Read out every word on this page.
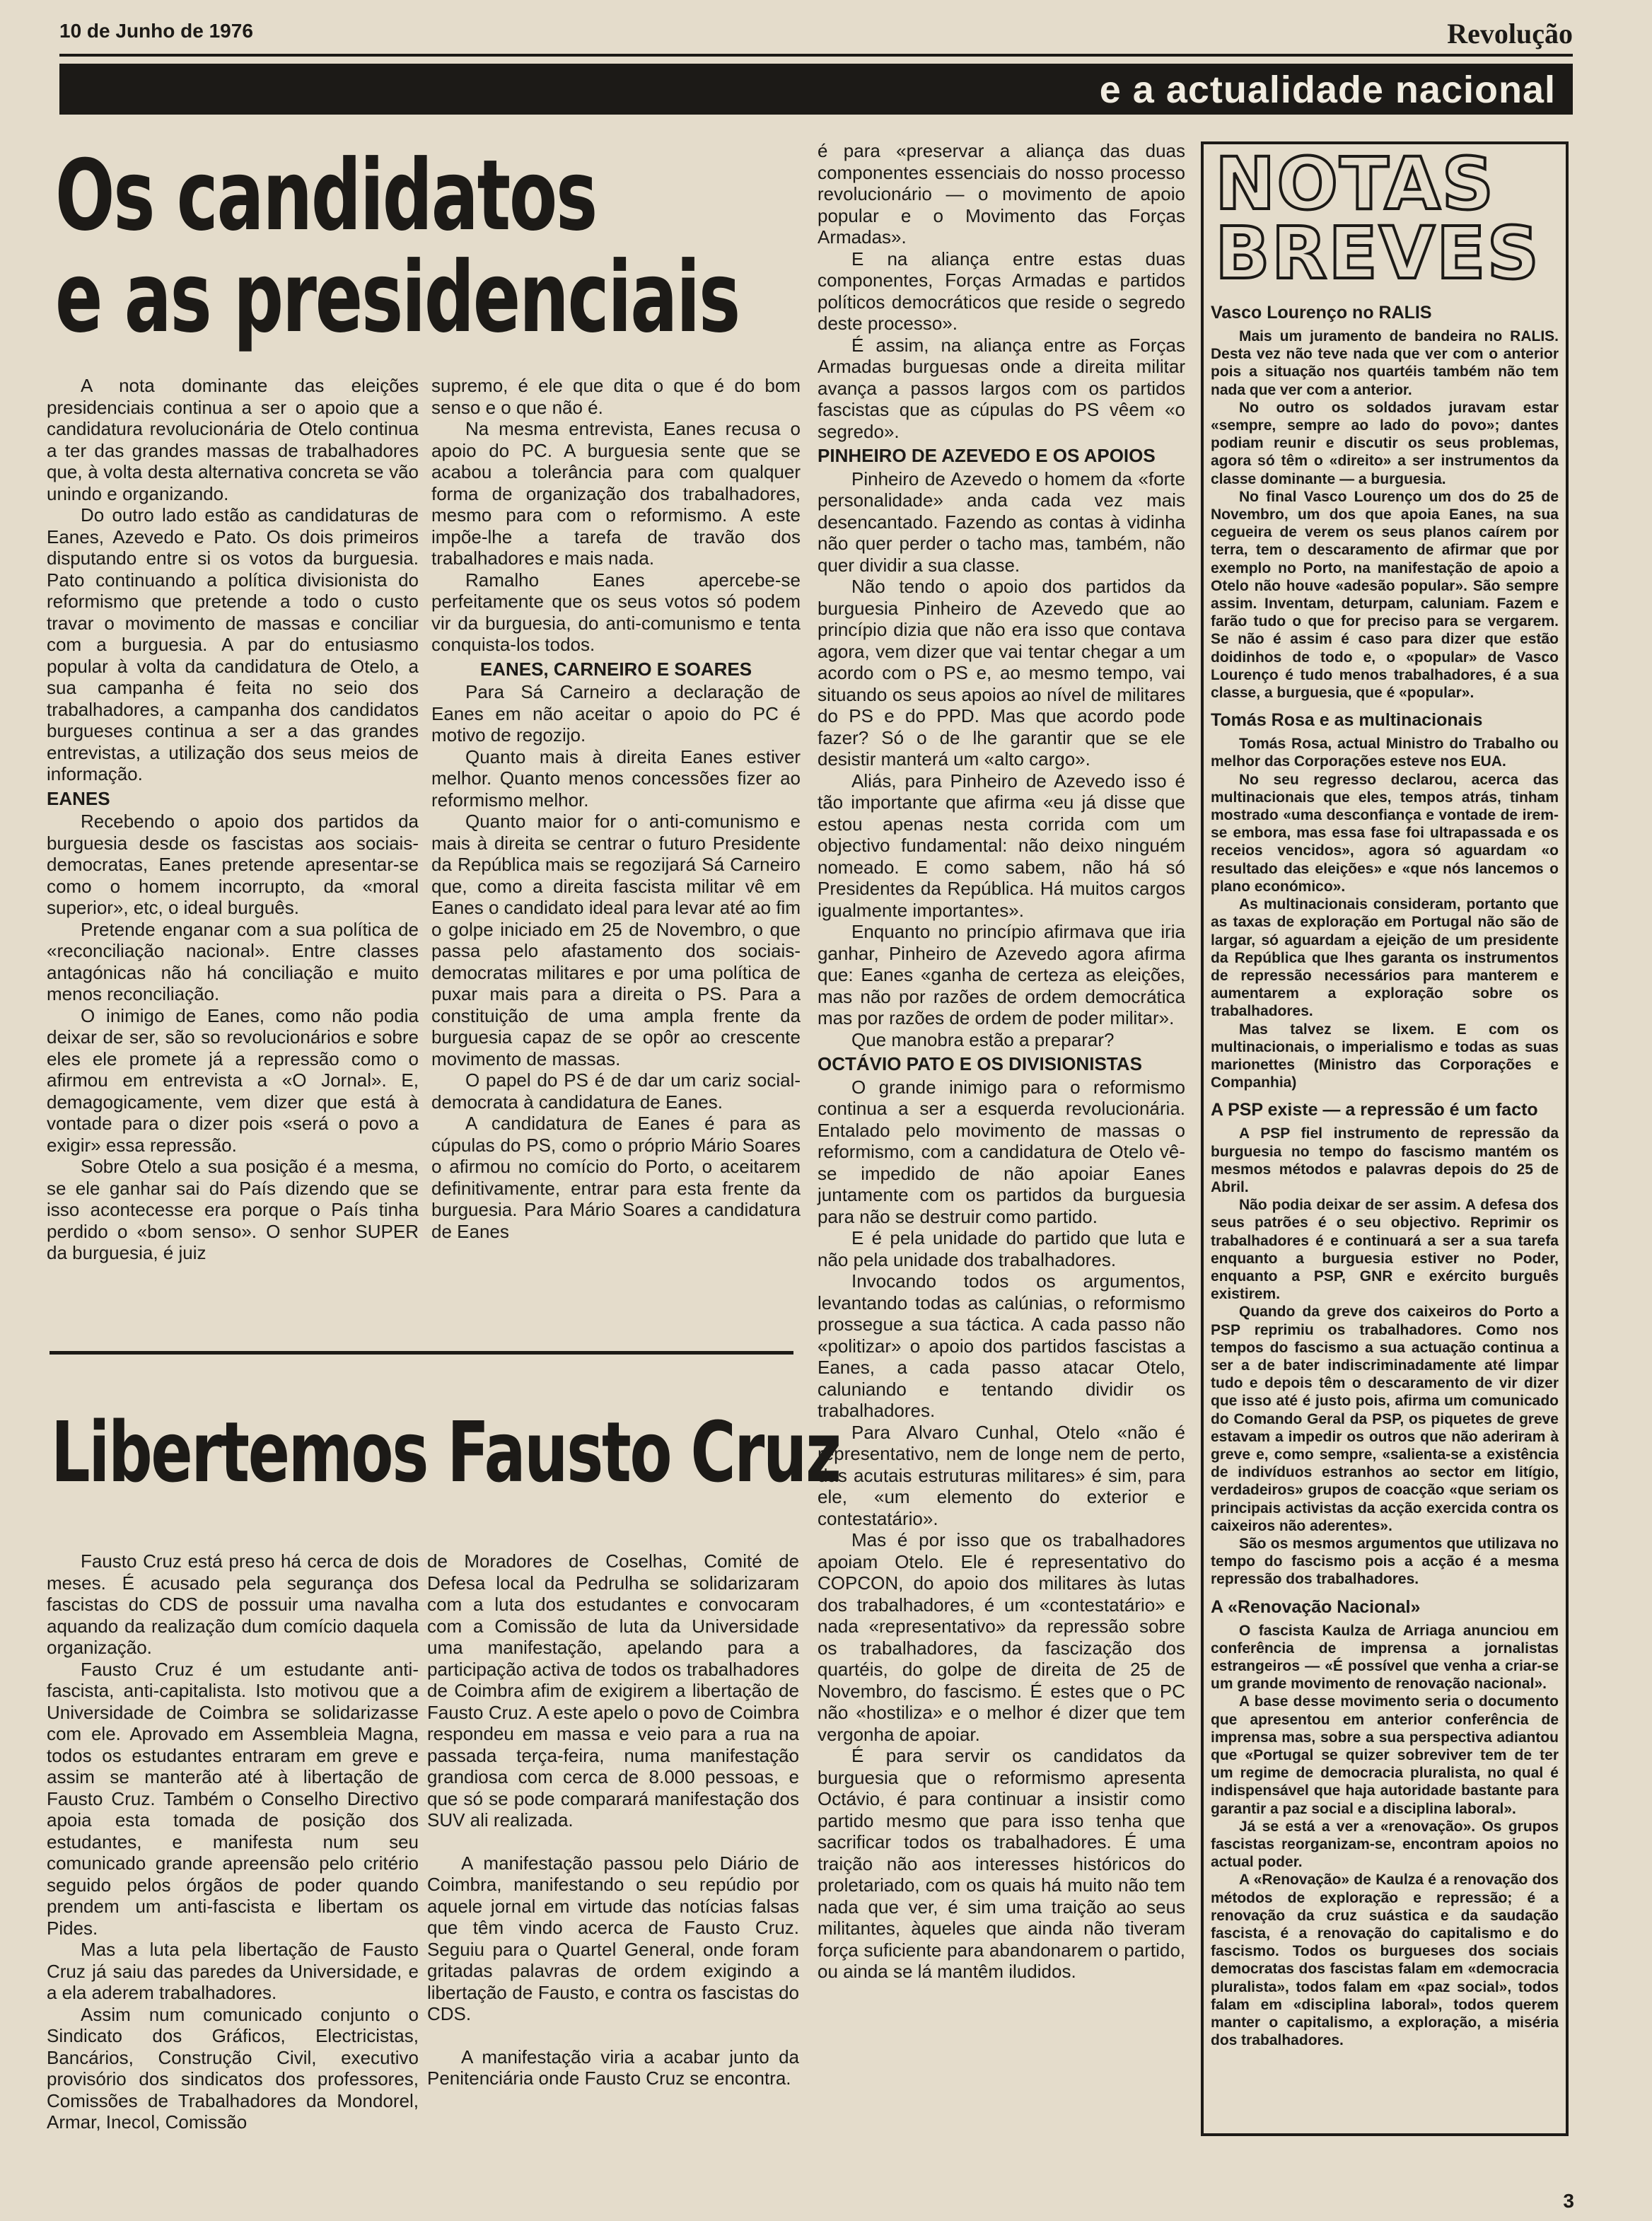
10 de Junho de 1976	Revolução
e a actualidade nacional
Os candidatos
e as presidenciais

A nota dominante das eleições presidenciais continua a ser o apoio que a candidatura revolucionária de Otelo continua a ter das grandes massas de trabalhadores que, à volta desta alternativa concreta se vão unindo e organizando.

Do outro lado estão as candidaturas de Eanes, Azevedo e Pato. Os dois primeiros disputando entre si os votos da burguesia. Pato continuando a política divisionista do reformismo que pretende a todo o custo travar o movimento de massas e conciliar com a burguesia. A par do entusiasmo popular à volta da candidatura de Otelo, a sua campanha é feita no seio dos trabalhadores, a campanha dos candidatos burgueses continua a ser a das grandes entrevistas, a utilização dos seus meios de informação.

EANES

Recebendo o apoio dos partidos da burguesia desde os fascistas aos sociais-democratas, Eanes pretende apresentar-se como o homem incorrupto, da «moral superior», etc, o ideal burguês.

Pretende enganar com a sua política de «reconciliação nacional». Entre classes antagónicas não há conciliação e muito menos reconciliação.

O inimigo de Eanes, como não podia deixar de ser, são so revolucionários e sobre eles ele promete já a repressão como o afirmou em entrevista a «O Jornal». E, demagogicamente, vem dizer que está à vontade para o dizer pois «será o povo a exigir» essa repressão.

Sobre Otelo a sua posição é a mesma, se ele ganhar sai do País dizendo que se isso acontecesse era porque o País tinha perdido o «bom senso». O senhor SUPER da burguesia, é juiz

supremo, é ele que dita o que é do bom senso e o que não é.

Na mesma entrevista, Eanes recusa o apoio do PC. A burguesia sente que se acabou a tolerância para com qualquer forma de organização dos trabalhadores, mesmo para com o reformismo. A este impõe-lhe a tarefa de travão dos trabalhadores e mais nada.

Ramalho Eanes apercebe-se perfeitamente que os seus votos só podem vir da burguesia, do anti-comunismo e tenta conquista-los todos.

EANES, CARNEIRO E SOARES

Para Sá Carneiro a declaração de Eanes em não aceitar o apoio do PC é motivo de regozijo.

Quanto mais à direita Eanes estiver melhor. Quanto menos concessões fizer ao reformismo melhor.

Quanto maior for o anti-comunismo e mais à direita se centrar o futuro Presidente da República mais se regozijará Sá Carneiro que, como a direita fascista militar vê em Eanes o candidato ideal para levar até ao fim o golpe iniciado em 25 de Novembro, o que passa pelo afastamento dos sociais-democratas militares e por uma política de puxar mais para a direita o PS. Para a constituição de uma ampla frente da burguesia capaz de se opôr ao crescente movimento de massas.

O papel do PS é de dar um cariz social-democrata à candidatura de Eanes.

A candidatura de Eanes é para as cúpulas do PS, como o próprio Mário Soares o afirmou no comício do Porto, o aceitarem definitivamente, entrar para esta frente da burguesia. Para Mário Soares a candidatura de Eanes

é para «preservar a aliança das duas componentes essenciais do nosso processo revolucionário — o movimento de apoio popular e o Movimento das Forças Armadas».

E na aliança entre estas duas componentes, Forças Armadas e partidos políticos democráticos que reside o segredo deste processo».

É assim, na aliança entre as Forças Armadas burguesas onde a direita militar avança a passos largos com os partidos fascistas que as cúpulas do PS vêem «o segredo».

PINHEIRO DE AZEVEDO E OS APOIOS

Pinheiro de Azevedo o homem da «forte personalidade» anda cada vez mais desencantado. Fazendo as contas à vidinha não quer perder o tacho mas, também, não quer dividir a sua classe.

Não tendo o apoio dos partidos da burguesia Pinheiro de Azevedo que ao princípio dizia que não era isso que contava agora, vem dizer que vai tentar chegar a um acordo com o PS e, ao mesmo tempo, vai situando os seus apoios ao nível de militares do PS e do PPD. Mas que acordo pode fazer? Só o de lhe garantir que se ele desistir manterá um «alto cargo».

Aliás, para Pinheiro de Azevedo isso é tão importante que afirma «eu já disse que estou apenas nesta corrida com um objectivo fundamental: não deixo ninguém nomeado. E como sabem, não há só Presidentes da República. Há muitos cargos igualmente importantes».

Enquanto no princípio afirmava que iria ganhar, Pinheiro de Azevedo agora afirma que: Eanes «ganha de certeza as eleições, mas não por razões de ordem democrática mas por razões de ordem de poder militar».

Que manobra estão a preparar?

OCTÁVIO PATO E OS DIVISIONISTAS

O grande inimigo para o reformismo continua a ser a esquerda revolucionária. Entalado pelo movimento de massas o reformismo, com a candidatura de Otelo vê-se impedido de não apoiar Eanes juntamente com os partidos da burguesia para não se destruir como partido.

E é pela unidade do partido que luta e não pela unidade dos trabalhadores.

Invocando todos os argumentos, levantando todas as calúnias, o reformismo prossegue a sua táctica. A cada passo não «politizar» o apoio dos partidos fascistas a Eanes, a cada passo atacar Otelo, caluniando e tentando dividir os trabalhadores.

Para Alvaro Cunhal, Otelo «não é representativo, nem de longe nem de perto, das acutais estruturas militares» é sim, para ele, «um elemento do exterior e contestatário».

Mas é por isso que os trabalhadores apoiam Otelo. Ele é representativo do COPCON, do apoio dos militares às lutas dos trabalhadores, é um «contestatário» e nada «representativo» da repressão sobre os trabalhadores, da fascização dos quartéis, do golpe de direita de 25 de Novembro, do fascismo. É estes que o PC não «hostiliza» e o melhor é dizer que tem vergonha de apoiar.

É para servir os candidatos da burguesia que o reformismo apresenta Octávio, é para continuar a insistir como partido mesmo que para isso tenha que sacrificar todos os trabalhadores. É uma traição não aos interesses históricos do proletariado, com os quais há muito não tem nada que ver, é sim uma traição ao seus militantes, àqueles que ainda não tiveram força suficiente para abandonarem o partido, ou ainda se lá mantêm iludidos.

Libertemos Fausto Cruz

Fausto Cruz está preso há cerca de dois meses. É acusado pela segurança dos fascistas do CDS de possuir uma navalha aquando da realização dum comício daquela organização.

Fausto Cruz é um estudante anti-fascista, anti-capitalista. Isto motivou que a Universidade de Coimbra se solidarizasse com ele. Aprovado em Assembleia Magna, todos os estudantes entraram em greve e assim se manterão até à libertação de Fausto Cruz. Também o Conselho Directivo apoia esta tomada de posição dos estudantes, e manifesta num seu comunicado grande apreensão pelo critério seguido pelos órgãos de poder quando prendem um anti-fascista e libertam os Pides.

Mas a luta pela libertação de Fausto Cruz já saiu das paredes da Universidade, e a ela aderem trabalhadores.

Assim num comunicado conjunto o Sindicato dos Gráficos, Electricistas, Bancários, Construção Civil, executivo provisório dos sindicatos dos professores, Comissões de Trabalhadores da Mondorel, Armar, Inecol, Comissão

de Moradores de Coselhas, Comité de Defesa local da Pedrulha se solidarizaram com a luta dos estudantes e convocaram com a Comissão de luta da Universidade uma manifestação, apelando para a participação activa de todos os trabalhadores de Coimbra afim de exigirem a libertação de Fausto Cruz. A este apelo o povo de Coimbra respondeu em massa e veio para a rua na passada terça-feira, numa manifestação grandiosa com cerca de 8.000 pessoas, e que só se pode comparará manifestação dos SUV ali realizada.

A manifestação passou pelo Diário de Coimbra, manifestando o seu repúdio por aquele jornal em virtude das notícias falsas que têm vindo acerca de Fausto Cruz. Seguiu para o Quartel General, onde foram gritadas palavras de ordem exigindo a libertação de Fausto, e contra os fascistas do CDS.

A manifestação viria a acabar junto da Penitenciária onde Fausto Cruz se encontra.

NOTAS
BREVES
Vasco Lourenço no RALIS

Mais um juramento de bandeira no RALIS. Desta vez não teve nada que ver com o anterior pois a situação nos quartéis também não tem nada que ver com a anterior.

No outro os soldados juravam estar «sempre, sempre ao lado do povo»; dantes podiam reunir e discutir os seus problemas, agora só têm o «direito» a ser instrumentos da classe dominante — a burguesia.

No final Vasco Lourenço um dos do 25 de Novembro, um dos que apoia Eanes, na sua cegueira de verem os seus planos caírem por terra, tem o descaramento de afirmar que por exemplo no Porto, na manifestação de apoio a Otelo não houve «adesão popular». São sempre assim. Inventam, deturpam, caluniam. Fazem e farão tudo o que for preciso para se vergarem. Se não é assim é caso para dizer que estão doidinhos de todo e, o «popular» de Vasco Lourenço é tudo menos trabalhadores, é a sua classe, a burguesia, que é «popular».

Tomás Rosa e as multinacionais

Tomás Rosa, actual Ministro do Trabalho ou melhor das Corporações esteve nos EUA.

No seu regresso declarou, acerca das multinacionais que eles, tempos atrás, tinham mostrado «uma desconfiança e vontade de irem-se embora, mas essa fase foi ultrapassada e os receios vencidos», agora só aguardam «o resultado das eleições» e «que nós lancemos o plano económico».

As multinacionais consideram, portanto que as taxas de exploração em Portugal não são de largar, só aguardam a ejeição de um presidente da República que lhes garanta os instrumentos de repressão necessários para manterem e aumentarem a exploração sobre os trabalhadores.

Mas talvez se lixem. E com os multinacionais, o imperialismo e todas as suas marionettes (Ministro das Corporações e Companhia)

A PSP existe — a repressão é um facto

A PSP fiel instrumento de repressão da burguesia no tempo do fascismo mantém os mesmos métodos e palavras depois do 25 de Abril.

Não podia deixar de ser assim. A defesa dos seus patrões é o seu objectivo. Reprimir os trabalhadores é e continuará a ser a sua tarefa enquanto a burguesia estiver no Poder, enquanto a PSP, GNR e exército burguês existirem.

Quando da greve dos caixeiros do Porto a PSP reprimiu os trabalhadores. Como nos tempos do fascismo a sua actuação continua a ser a de bater indiscriminadamente até limpar tudo e depois têm o descaramento de vir dizer que isso até é justo pois, afirma um comunicado do Comando Geral da PSP, os piquetes de greve estavam a impedir os outros que não aderiram à greve e, como sempre, «salienta-se a existência de indivíduos estranhos ao sector em litígio, verdadeiros» grupos de coacção «que seriam os principais activistas da acção exercida contra os caixeiros não aderentes».

São os mesmos argumentos que utilizava no tempo do fascismo pois a acção é a mesma repressão dos trabalhadores.

A «Renovação Nacional»

O fascista Kaulza de Arriaga anunciou em conferência de imprensa a jornalistas estrangeiros — «É possível que venha a criar-se um grande movimento de renovação nacional».

A base desse movimento seria o documento que apresentou em anterior conferência de imprensa mas, sobre a sua perspectiva adiantou que «Portugal se quizer sobreviver tem de ter um regime de democracia pluralista, no qual é indispensável que haja autoridade bastante para garantir a paz social e a disciplina laboral».

Já se está a ver a «renovação». Os grupos fascistas reorganizam-se, encontram apoios no actual poder.

A «Renovação» de Kaulza é a renovação dos métodos de exploração e repressão; é a renovação da cruz suástica e da saudação fascista, é a renovação do capitalismo e do fascismo. Todos os burgueses dos sociais democratas dos fascistas falam em «democracia pluralista», todos falam em «paz social», todos falam em «disciplina laboral», todos querem manter o capitalismo, a exploração, a miséria dos trabalhadores.

3
